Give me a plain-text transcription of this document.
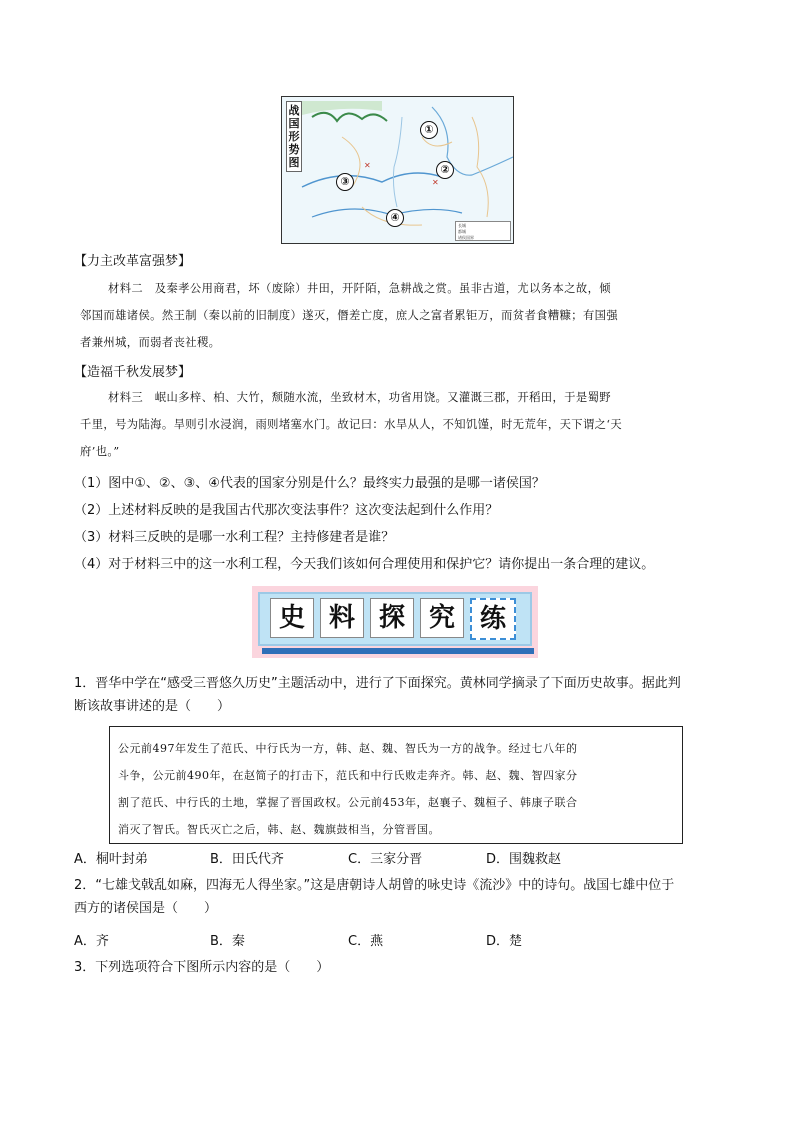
✕
✕
战国形势图
①
②
③
④
长城
都城
诸侯国界
【力主改革富强梦】

材料二　及秦孝公用商君，坏（废除）井田，开阡陌，急耕战之赏。虽非古道，尤以务本之故，倾

邻国而雄诸侯。然王制（秦以前的旧制度）遂灭，僭差亡度，庶人之富者累钜万，而贫者食糟糠；有国强

者兼州城，而弱者丧社稷。

【造福千秋发展梦】

材料三　岷山多梓、柏、大竹，颓随水流，坐致材木，功省用饶。又灌溉三郡，开稻田，于是蜀野

千里，号为陆海。旱则引水浸润，雨则堵塞水门。故记曰：水旱从人，不知饥馑，时无荒年，天下谓之‘天

府’也。”

（1）图中①、②、③、④代表的国家分别是什么？最终实力最强的是哪一诸侯国？
（2）上述材料反映的是我国古代那次变法事件？这次变法起到什么作用？
（3）材料三反映的是哪一水利工程？主持修建者是谁？
（4）对于材料三中的这一水利工程，今天我们该如何合理使用和保护它？请你提出一条合理的建议。
史 料 探 究 练
1．晋华中学在“感受三晋悠久历史”主题活动中，进行了下面探究。黄林同学摘录了下面历史故事。据此判
断该故事讲述的是（　　）
公元前497年发生了范氏、中行氏为一方，韩、赵、魏、智氏为一方的战争。经过七八年的
斗争，公元前490年，在赵简子的打击下，范氏和中行氏败走奔齐。韩、赵、魏、智四家分
割了范氏、中行氏的土地，掌握了晋国政权。公元前453年，赵襄子、魏桓子、韩康子联合
消灭了智氏。智氏灭亡之后，韩、赵、魏旗鼓相当，分管晋国。
A．桐叶封弟	B．田氏代齐	C．三家分晋	D．围魏救赵
2．“七雄戈戟乱如麻，四海无人得坐家。”这是唐朝诗人胡曾的咏史诗《流沙》中的诗句。战国七雄中位于
西方的诸侯国是（　　）
A．齐	B．秦	C．燕	D．楚
3．下列选项符合下图所示内容的是（　　）
